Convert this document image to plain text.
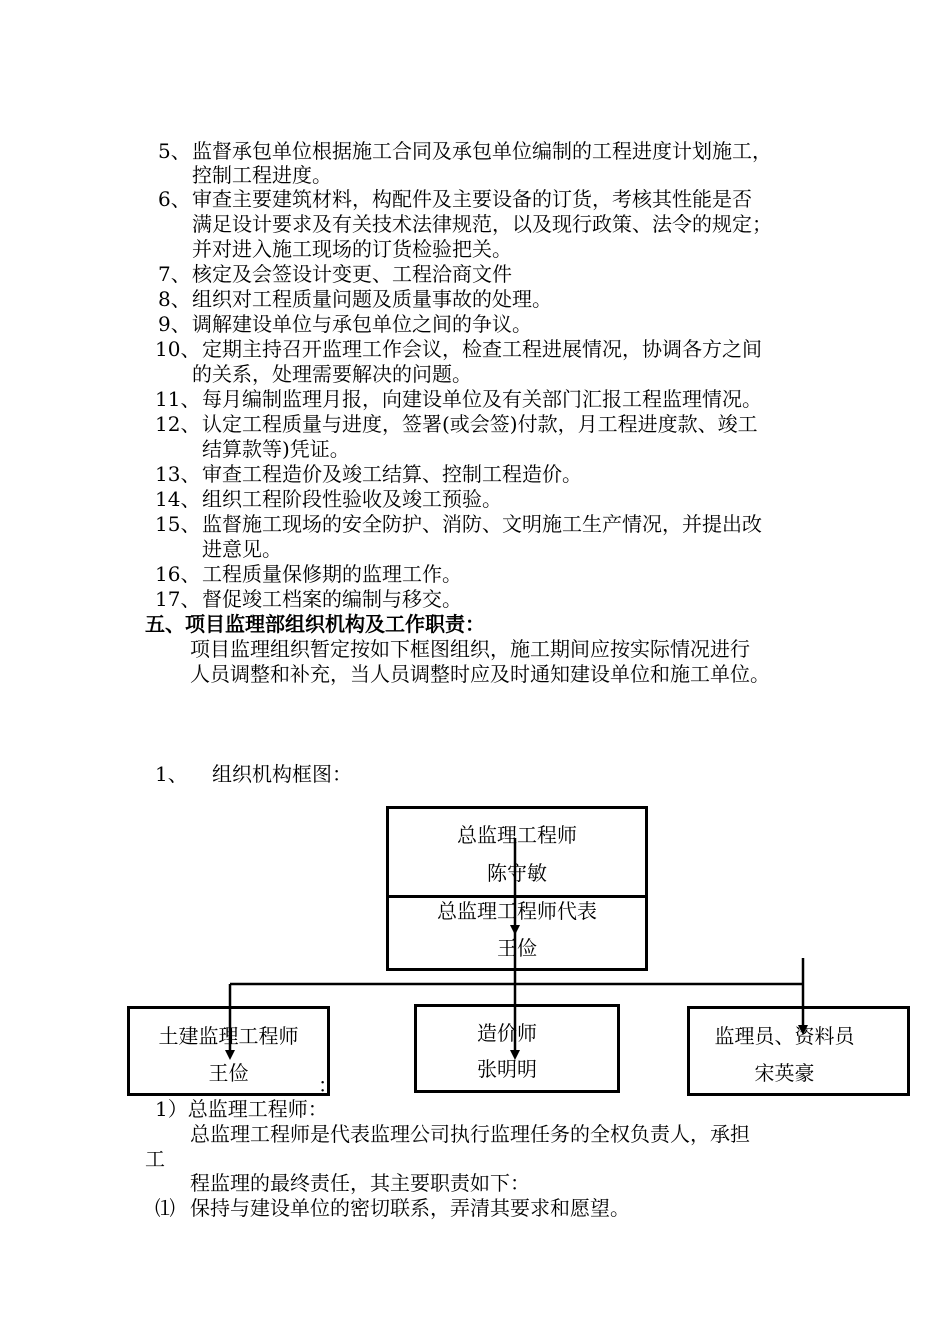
5、 监督承包单位根据施工合同及承包单位编制的工程进度计划施工，
控制工程进度。
6、 审查主要建筑材料，构配件及主要设备的订货，考核其性能是否
满足设计要求及有关技术法律规范，以及现行政策、法令的规定；
并对进入施工现场的订货检验把关。
7、 核定及会签设计变更、工程洽商文件
8、 组织对工程质量问题及质量事故的处理。
9、 调解建设单位与承包单位之间的争议。
10、 定期主持召开监理工作会议，检查工程进展情况，协调各方之间
的关系，处理需要解决的问题。
11、 每月编制监理月报，向建设单位及有关部门汇报工程监理情况。
12、 认定工程质量与进度，签署(或会签)付款，月工程进度款、竣工
结算款等)凭证。
13、 审查工程造价及竣工结算、控制工程造价。
14、 组织工程阶段性验收及竣工预验。
15、 监督施工现场的安全防护、消防、文明施工生产情况，并提出改
进意见。
16、 工程质量保修期的监理工作。
17、 督促竣工档案的编制与移交。
五、项目监理部组织机构及工作职责：
项目监理组织暂定按如下框图组织，施工期间应按实际情况进行
人员调整和补充，当人员调整时应及时通知建设单位和施工单位。
1、 组织机构框图：
：
总监理工程师
陈守敏
总监理工程师代表
王俭
土建监理工程师
王俭
造价师
张明明
监理员、资料员
宋英豪
1）总监理工程师：
总监理工程师是代表监理公司执行监理任务的全权负责人，承担
工
程监理的最终责任，其主要职责如下：
⑴ 保持与建设单位的密切联系，弄清其要求和愿望。
